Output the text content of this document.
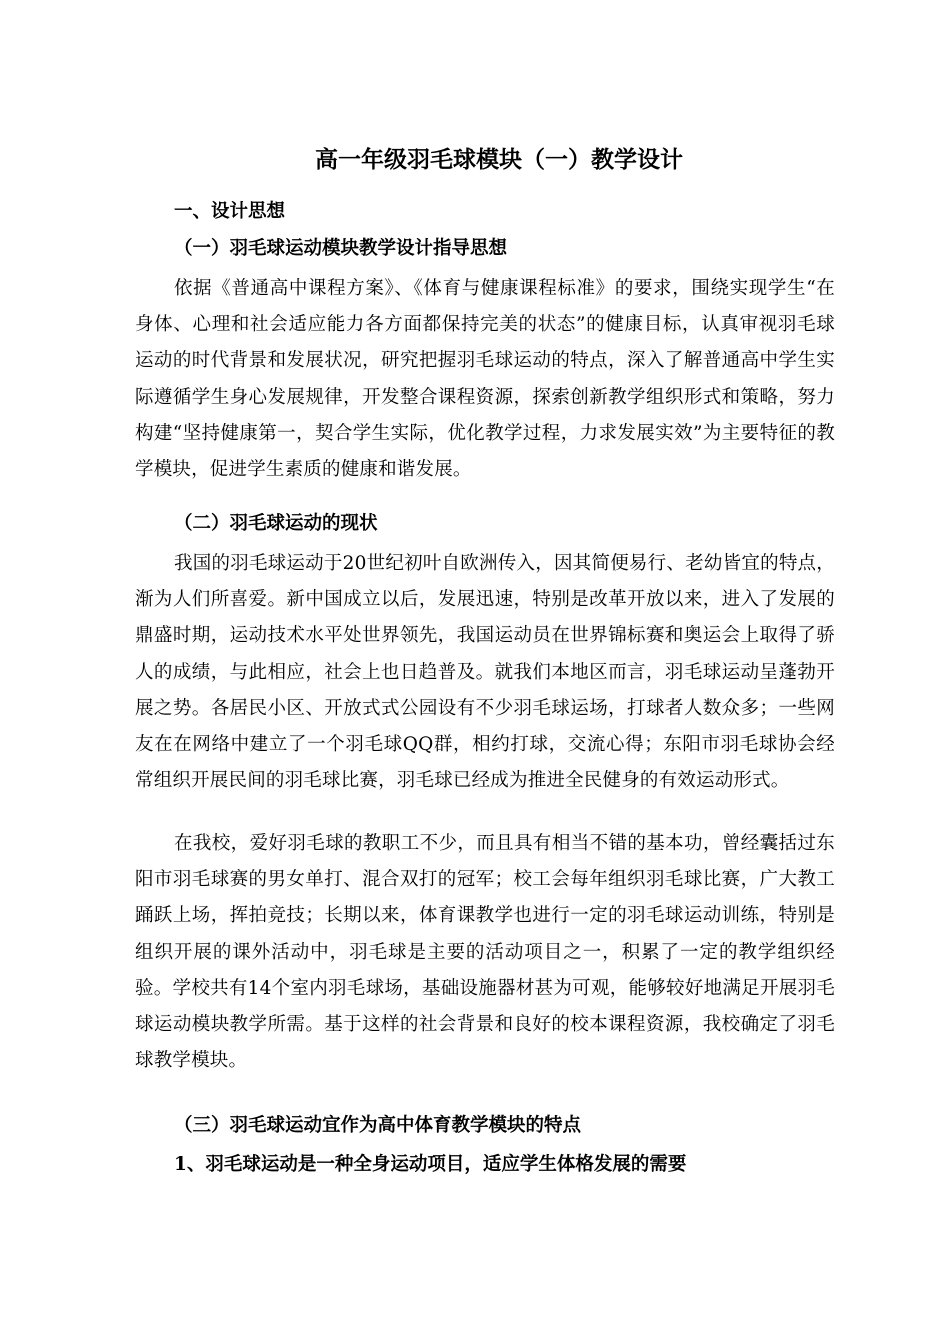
高一年级羽毛球模块（一）教学设计
一、设计思想
（一）羽毛球运动模块教学设计指导思想
依据《普通高中课程方案》、《体育与健康课程标准》的要求，围绕实现学生“在身体、心理和社会适应能力各方面都保持完美的状态”的健康目标，认真审视羽毛球运动的时代背景和发展状况，研究把握羽毛球运动的特点，深入了解普通高中学生实际遵循学生身心发展规律，开发整合课程资源，探索创新教学组织形式和策略，努力构建“坚持健康第一，契合学生实际，优化教学过程，力求发展实效”为主要特征的教学模块，促进学生素质的健康和谐发展。
（二）羽毛球运动的现状
我国的羽毛球运动于20世纪初叶自欧洲传入，因其简便易行、老幼皆宜的特点，渐为人们所喜爱。新中国成立以后，发展迅速，特别是改革开放以来，进入了发展的鼎盛时期，运动技术水平处世界领先，我国运动员在世界锦标赛和奥运会上取得了骄人的成绩，与此相应，社会上也日趋普及。就我们本地区而言，羽毛球运动呈蓬勃开展之势。各居民小区、开放式式公园设有不少羽毛球运场，打球者人数众多；一些网友在在网络中建立了一个羽毛球QQ群，相约打球，交流心得；东阳市羽毛球协会经常组织开展民间的羽毛球比赛，羽毛球已经成为推进全民健身的有效运动形式。
在我校，爱好羽毛球的教职工不少，而且具有相当不错的基本功，曾经囊括过东阳市羽毛球赛的男女单打、混合双打的冠军；校工会每年组织羽毛球比赛，广大教工踊跃上场，挥拍竞技；长期以来，体育课教学也进行一定的羽毛球运动训练，特别是组织开展的课外活动中，羽毛球是主要的活动项目之一，积累了一定的教学组织经验。学校共有14个室内羽毛球场，基础设施器材甚为可观，能够较好地满足开展羽毛球运动模块教学所需。基于这样的社会背景和良好的校本课程资源，我校确定了羽毛球教学模块。
（三）羽毛球运动宜作为高中体育教学模块的特点
1、羽毛球运动是一种全身运动项目，适应学生体格发展的需要
